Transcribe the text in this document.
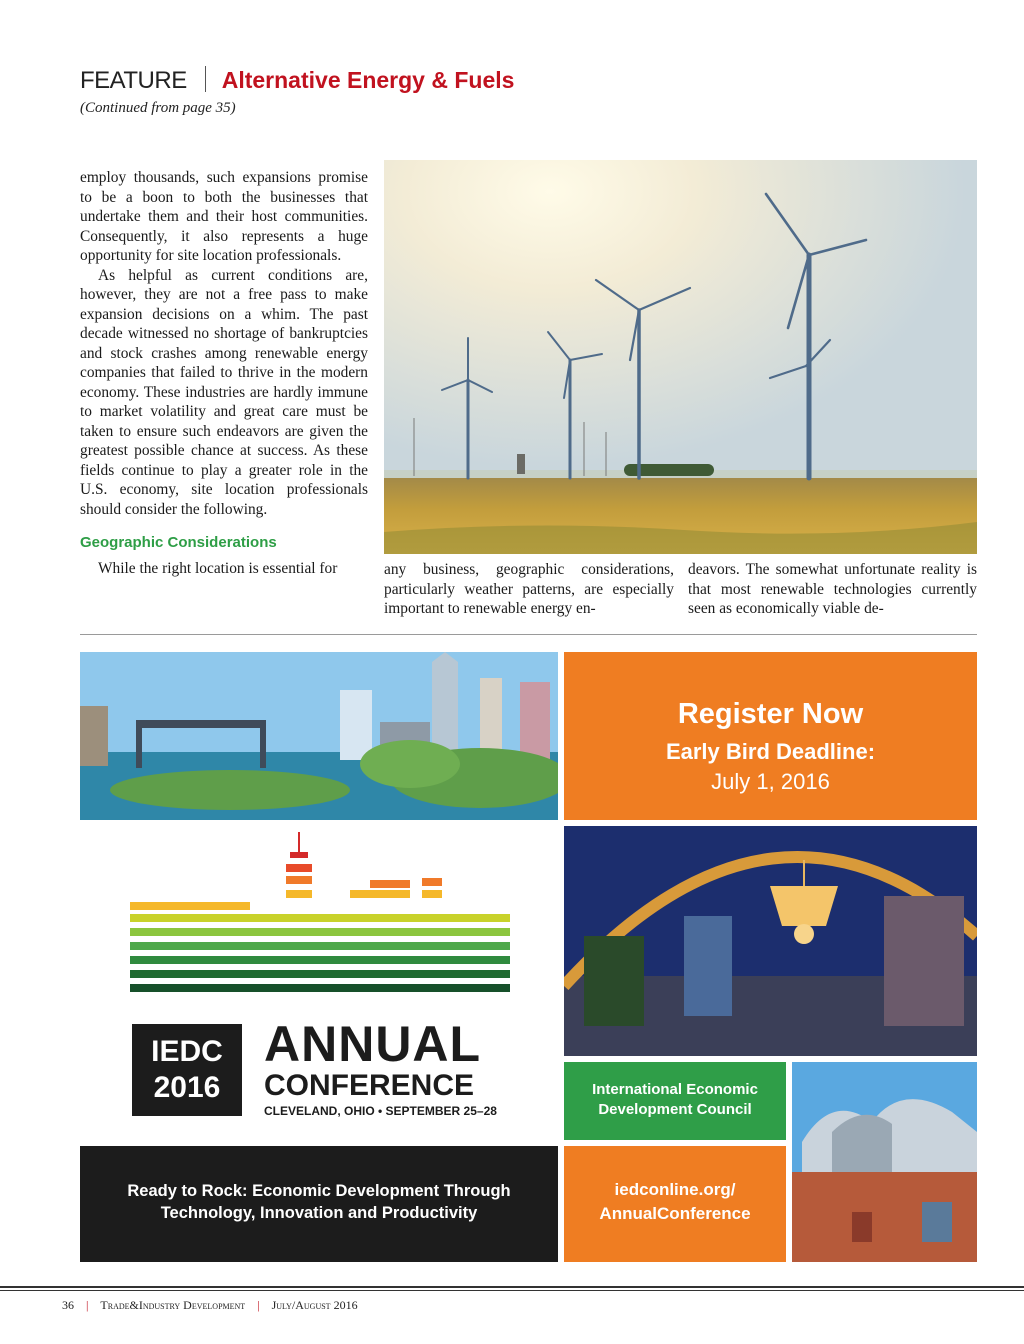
FEATURE Alternative Energy & Fuels
(Continued from page 35)

employ thousands, such expansions promise to be a boon to both the businesses that undertake them and their host communities. Consequently, it also represents a huge opportunity for site location professionals.

As helpful as current conditions are, however, they are not a free pass to make expansion decisions on a whim. The past decade witnessed no shortage of bankruptcies and stock crashes among renewable energy companies that failed to thrive in the modern economy. These industries are hardly immune to market volatility and great care must be taken to ensure such endeavors are given the greatest possible chance at success. As these fields continue to play a greater role in the U.S. economy, site location professionals should consider the following.

Geographic Considerations

While the right location is essential for	any business, geographic considerations, particularly weather patterns, are especially important to renewable energy en-
deavors. The somewhat unfortunate reality is that most renewable technologies currently seen as economically viable de-
Register Now
Early Bird Deadline:
July 1, 2016
IEDC
2016
ANNUAL
CONFERENCE
CLEVELAND, OHIO • SEPTEMBER 25–28
International Economic
Development Council
Ready to Rock: Economic Development Through
Technology, Innovation and Productivity
iedconline.org/
AnnualConference
36 | Trade&Industry Development | July/August 2016
